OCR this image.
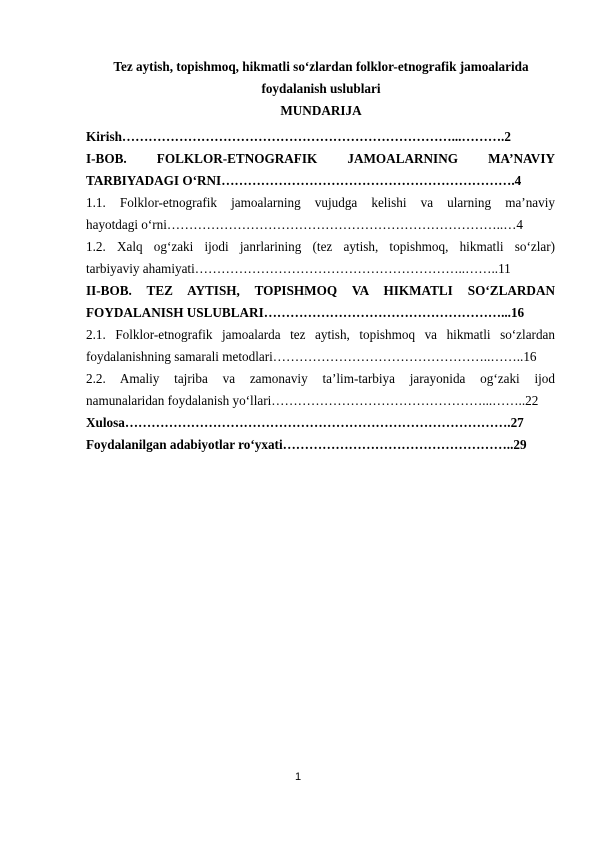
Tez aytish, topishmoq, hikmatli so‘zlardan folklor-etnografik jamoalarida
foydalanish uslublari
MUNDARIJA
Kirish…………………………………………………………………...……….2
I-BOB. FOLKLOR-ETNOGRAFIK JAMOALARNING MA’NAVIY
TARBIYADAGI O‘RNI………………………………………………………….4
1.1. Folklor-etnografik jamoalarning vujudga kelishi va ularning ma’naviy
hayotdagi o‘rni…………………………………………………………………..…4
1.2. Xalq og‘zaki ijodi janrlarining (tez aytish, topishmoq, hikmatli so‘zlar)
tarbiyaviy ahamiyati……………………………………………………..……..11
II-BOB. TEZ AYTISH, TOPISHMOQ VA HIKMATLI SO‘ZLARDAN
FOYDALANISH USLUBLARI………………………………………………...16
2.1. Folklor-etnografik jamoalarda tez aytish, topishmoq va hikmatli so‘zlardan
foydalanishning samarali metodlari…………………………………………..……..16
2.2. Amaliy tajriba va zamonaviy ta’lim-tarbiya jarayonida og‘zaki ijod
namunalaridan foydalanish yo‘llari…………………………………………...……..22
Xulosa…………………………………………………………………………….27
Foydalanilgan adabiyotlar ro‘yxati……………………………………………..29
1
